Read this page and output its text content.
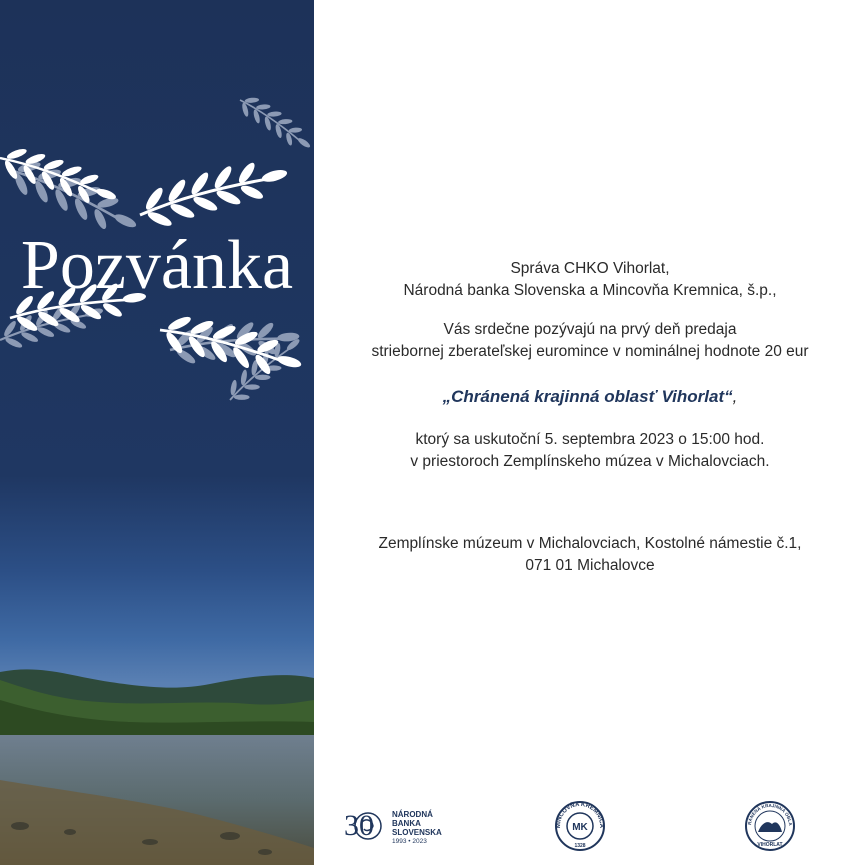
Pozvánka	Správa CHKO Vihorlat,

Národná banka Slovenska a Mincovňa Kremnica, š.p.,

Vás srdečne pozývajú na prvý deň predaja

striebornej zberateľskej euromince v nominálnej hodnote 20 eur

„Chránená krajinná oblasť Vihorlat“,

ktorý sa uskutoční 5. septembra 2023 o 15:00 hod.

v priestoroch Zemplínskeho múzea v Michalovciach.

Zemplínske múzeum v Michalovciach, Kostolné námestie č.1,

071 01 Michalovce

30 NÁRODNÁ
BANKA
SLOVENSKA
1993 • 2023
MINCOVŇA KREMNICA
MK
1328
RÁNENÁ KRAJINNÁ OBLA
VIHORLAT
